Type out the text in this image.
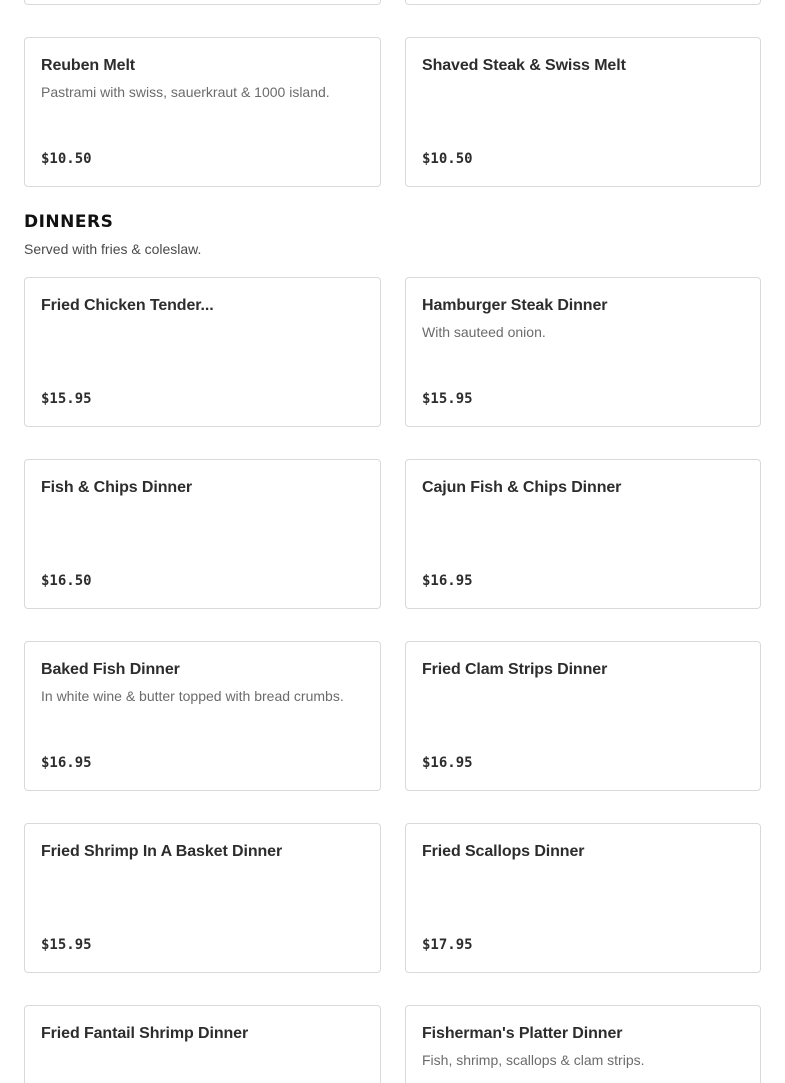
Reuben Melt
Pastrami with swiss, sauerkraut & 1000 island.
$10.50
Shaved Steak & Swiss Melt
$10.50
DINNERS
Served with fries & coleslaw.
Fried Chicken Tender...
$15.95
Hamburger Steak Dinner
With sauteed onion.
$15.95
Fish & Chips Dinner
$16.50
Cajun Fish & Chips Dinner
$16.95
Baked Fish Dinner
In white wine & butter topped with bread crumbs.
$16.95
Fried Clam Strips Dinner
$16.95
Fried Shrimp In A Basket Dinner
$15.95
Fried Scallops Dinner
$17.95
Fried Fantail Shrimp Dinner	Fisherman's Platter Dinner
Fish, shrimp, scallops & clam strips.
